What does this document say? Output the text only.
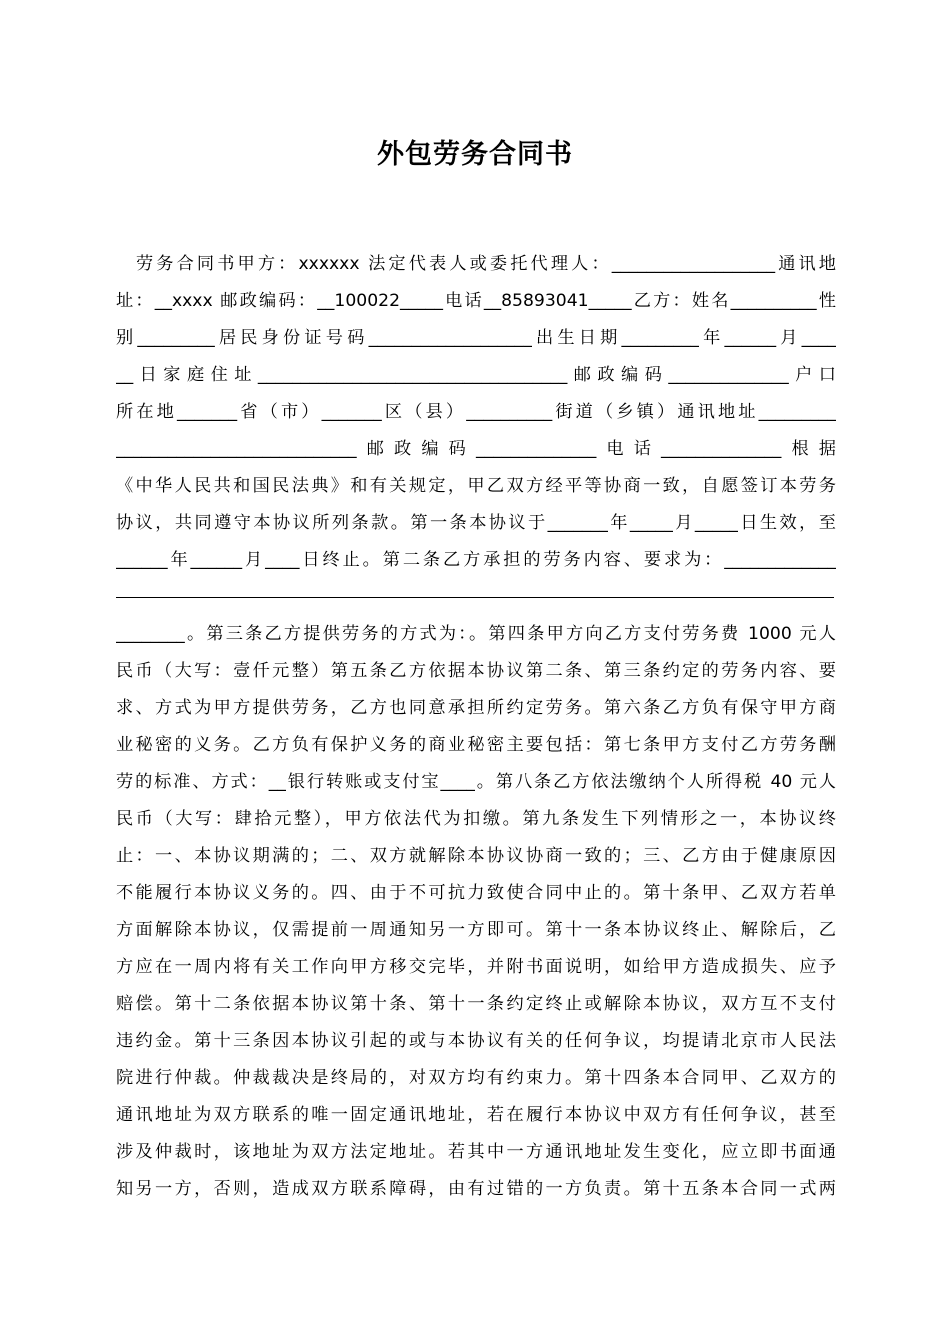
外包劳务合同书
劳务合同书甲方：xxxxxx 法定代表人或委托代理人：___________________通讯地
址：__xxxx 邮政编码：__100022_____电话__85893041_____乙方：姓名__________性
别_________居民身份证号码___________________出生日期_________年______月____
__日家庭住址____________________________________邮政编码______________户口
所在地_______省（市）_______区（县）__________街道（乡镇）通讯地址_________
____________________________邮政编码______________电话______________根据
《中华人民共和国民法典》和有关规定，甲乙双方经平等协商一致，自愿签订本劳务
协议，共同遵守本协议所列条款。第一条本协议于_______年_____月_____日生效，至
______年______月____日终止。第二条乙方承担的劳务内容、要求为：_____________
________。第三条乙方提供劳务的方式为：。第四条甲方向乙方支付劳务费 1000 元人
民币（大写：壹仟元整）第五条乙方依据本协议第二条、第三条约定的劳务内容、要
求、方式为甲方提供劳务，乙方也同意承担所约定劳务。第六条乙方负有保守甲方商
业秘密的义务。乙方负有保护义务的商业秘密主要包括：第七条甲方支付乙方劳务酬
劳的标准、方式：__银行转账或支付宝____。第八条乙方依法缴纳个人所得税 40 元人
民币（大写：肆拾元整），甲方依法代为扣缴。第九条发生下列情形之一，本协议终
止：一、本协议期满的；二、双方就解除本协议协商一致的；三、乙方由于健康原因
不能履行本协议义务的。四、由于不可抗力致使合同中止的。第十条甲、乙双方若单
方面解除本协议，仅需提前一周通知另一方即可。第十一条本协议终止、解除后，乙
方应在一周内将有关工作向甲方移交完毕，并附书面说明，如给甲方造成损失、应予
赔偿。第十二条依据本协议第十条、第十一条约定终止或解除本协议，双方互不支付
违约金。第十三条因本协议引起的或与本协议有关的任何争议，均提请北京市人民法
院进行仲裁。仲裁裁决是终局的，对双方均有约束力。第十四条本合同甲、乙双方的
通讯地址为双方联系的唯一固定通讯地址，若在履行本协议中双方有任何争议，甚至
涉及仲裁时，该地址为双方法定地址。若其中一方通讯地址发生变化，应立即书面通
知另一方，否则，造成双方联系障碍，由有过错的一方负责。第十五条本合同一式两
